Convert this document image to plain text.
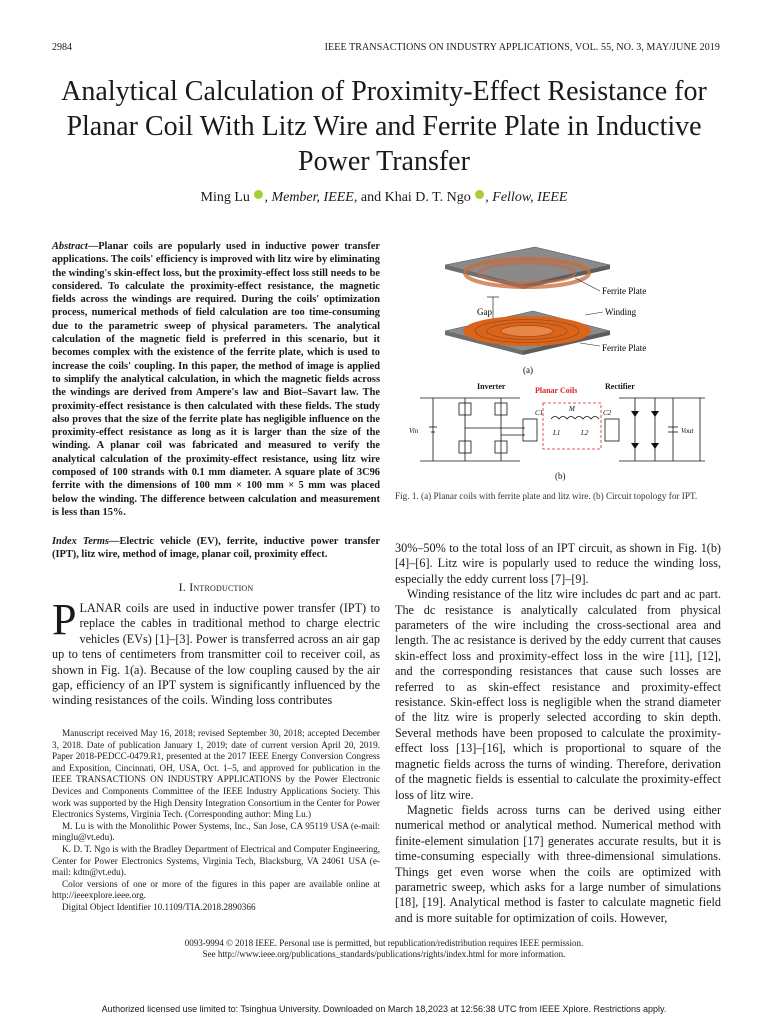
2984	IEEE TRANSACTIONS ON INDUSTRY APPLICATIONS, VOL. 55, NO. 3, MAY/JUNE 2019
Analytical Calculation of Proximity-Effect Resistance for Planar Coil With Litz Wire and Ferrite Plate in Inductive Power Transfer
Ming Lu , Member, IEEE, and Khai D. T. Ngo , Fellow, IEEE
Abstract—Planar coils are popularly used in inductive power transfer applications. The coils' efficiency is improved with litz wire by eliminating the winding's skin-effect loss, but the proximity-effect loss still needs to be considered. To calculate the proximity-effect resistance, the magnetic fields across the windings are required. During the coils' optimization process, numerical methods of field calculation are too time-consuming due to the parametric sweep of physical parameters. The analytical calculation of the magnetic field is preferred in this scenario, but it becomes complex with the existence of the ferrite plate, which is used to increase the coils' coupling. In this paper, the method of image is applied to simplify the analytical calculation, in which the magnetic fields across the windings are derived from Ampere's law and Biot–Savart law. The proximity-effect resistance is then calculated with these fields. The study also proves that the size of the ferrite plate has negligible influence on the proximity-effect resistance as long as it is larger than the size of the winding. A planar coil was fabricated and measured to verify the analytical calculation of the proximity-effect resistance, using litz wire composed of 100 strands with 0.1 mm diameter. A square plate of 3C96 ferrite with the dimensions of 100 mm × 100 mm × 5 mm was placed below the winding. The difference between calculation and measurement is less than 15%.
Index Terms—Electric vehicle (EV), ferrite, inductive power transfer (IPT), litz wire, method of image, planar coil, proximity effect.
I. Introduction
PLANAR coils are used in inductive power transfer (IPT) to replace the cables in traditional method to charge electric vehicles (EVs) [1]–[3]. Power is transferred across an air gap up to tens of centimeters from transmitter coil to receiver coil, as shown in Fig. 1(a). Because of the low coupling caused by the air gap, efficiency of an IPT system is significantly influenced by the winding resistances of the coils. Winding loss contributes

Manuscript received May 16, 2018; revised September 30, 2018; accepted December 3, 2018. Date of publication January 1, 2019; date of current version April 20, 2019. Paper 2018-PEDCC-0479.R1, presented at the 2017 IEEE Energy Conversion Congress and Exposition, Cincinnati, OH, USA, Oct. 1–5, and approved for publication in the IEEE TRANSACTIONS ON INDUSTRY APPLICATIONS by the Power Electronic Devices and Components Committee of the IEEE Industry Applications Society. This work was supported by the High Density Integration Consortium in the Center for Power Electronics Systems, Virginia Tech. (Corresponding author: Ming Lu.)

M. Lu is with the Monolithic Power Systems, Inc., San Jose, CA 95119 USA (e-mail: minglu@vt.edu).

K. D. T. Ngo is with the Bradley Department of Electrical and Computer Engineering, Center for Power Electronics Systems, Virginia Tech, Blacksburg, VA 24061 USA (e-mail: kdtn@vt.edu).

Color versions of one or more of the figures in this paper are available online at http://ieeexplore.ieee.org.

Digital Object Identifier 10.1109/TIA.2018.2890366

Ferrite Plate
Gap	Winding
Ferrite Plate
(a)
Inverter	Planar Coils	Rectifier
Vin
C1	M
L1	L2
C2
Vout
(b)
Fig. 1. (a) Planar coils with ferrite plate and litz wire. (b) Circuit topology for IPT.

30%–50% to the total loss of an IPT circuit, as shown in Fig. 1(b) [4]–[6]. Litz wire is popularly used to reduce the winding loss, especially the eddy current loss [7]–[9].

Winding resistance of the litz wire includes dc part and ac part. The dc resistance is analytically calculated from physical parameters of the wire including the cross-sectional area and length. The ac resistance is derived by the eddy current that causes skin-effect loss and proximity-effect loss in the wire [11], [12], and the corresponding resistances that cause such losses are referred to as skin-effect resistance and proximity-effect resistance. Skin-effect loss is negligible when the strand diameter of the litz wire is properly selected according to skin depth. Several methods have been proposed to calculate the proximity-effect loss [13]–[16], which is proportional to square of the magnetic fields across the turns of winding. Therefore, derivation of the magnetic fields is essential to calculate the proximity-effect loss of litz wire.

Magnetic fields across turns can be derived using either numerical method or analytical method. Numerical method with finite-element simulation [17] generates accurate results, but it is time-consuming especially with three-dimensional simulations. Things get even worse when the coils are optimized with parametric sweep, which asks for a large number of simulations [18], [19]. Analytical method is faster to calculate magnetic field and is more suitable for optimization of coils. However,

0093-9994 © 2018 IEEE. Personal use is permitted, but republication/redistribution requires IEEE permission.
See http://www.ieee.org/publications_standards/publications/rights/index.html for more information.
Authorized licensed use limited to: Tsinghua University. Downloaded on March 18,2023 at 12:56:38 UTC from IEEE Xplore. Restrictions apply.
